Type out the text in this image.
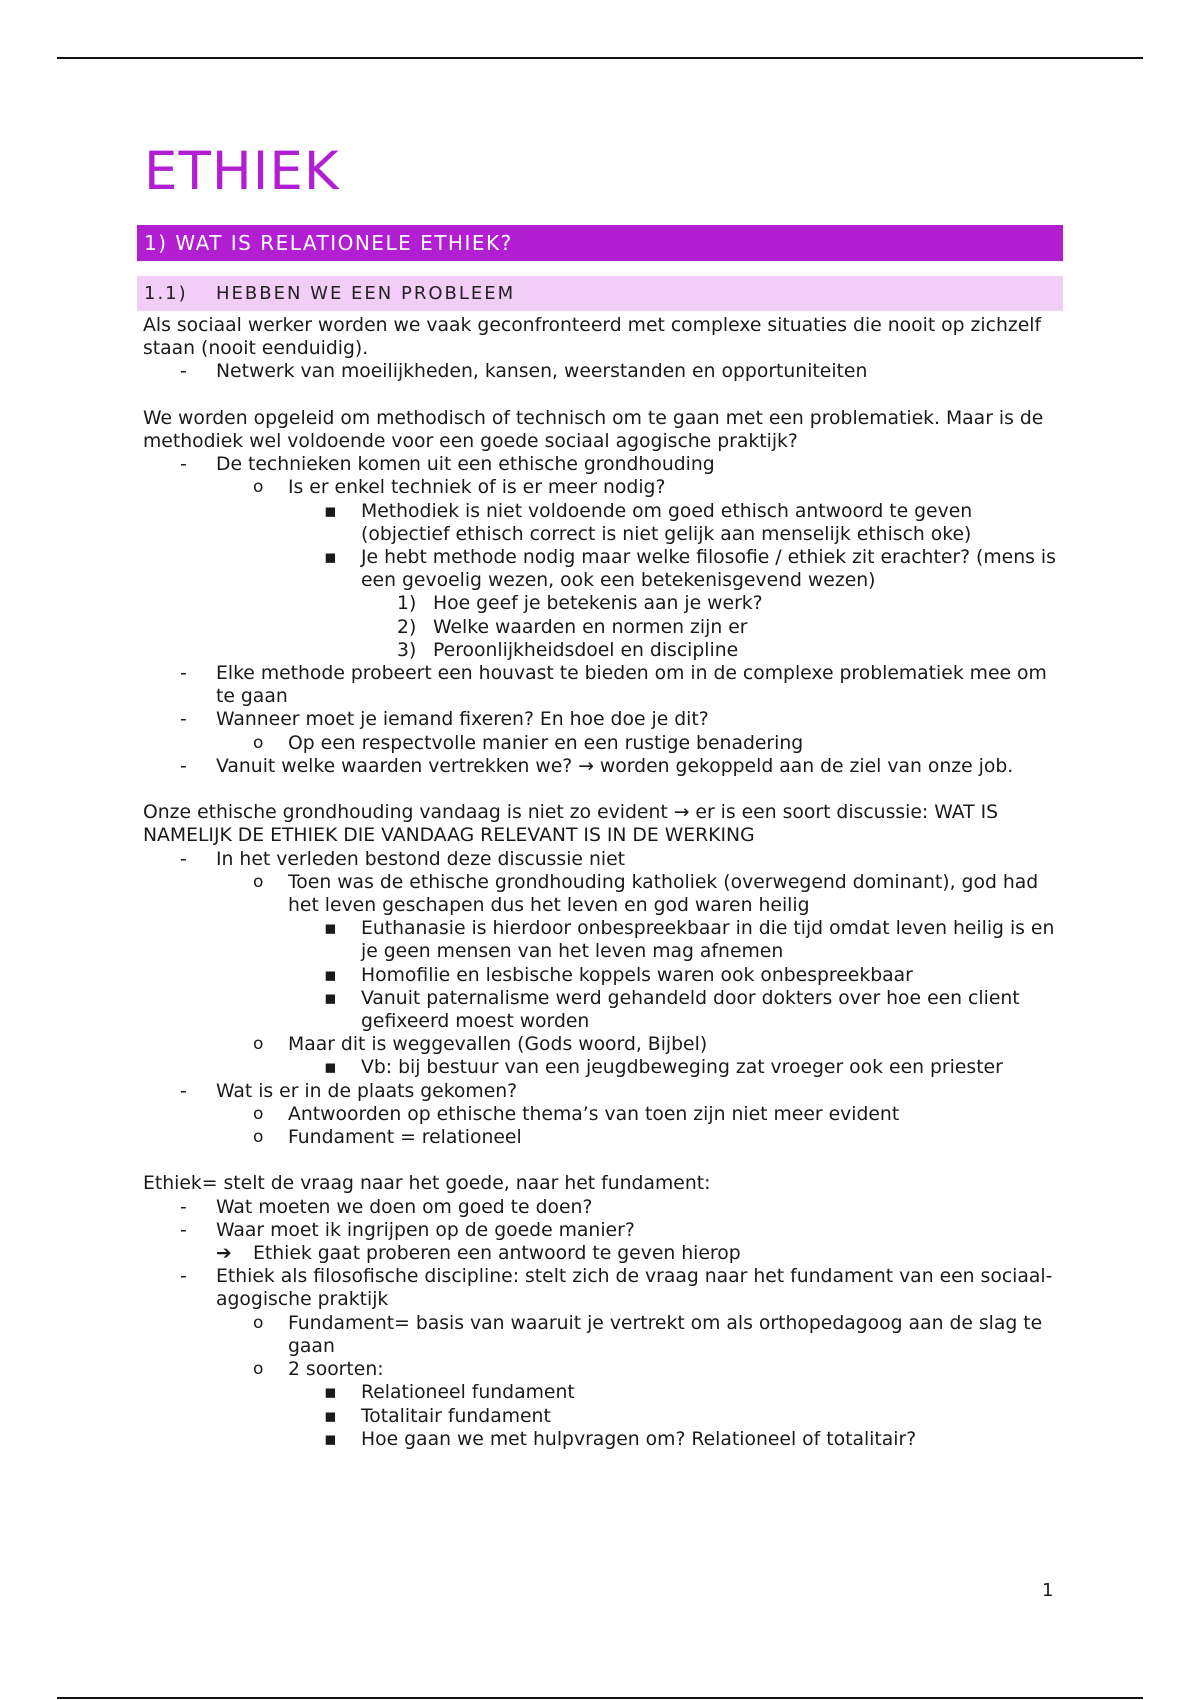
ETHIEK
1) WAT IS RELATIONELE ETHIEK?
1.1) HEBBEN WE EEN PROBLEEM
Als sociaal werker worden we vaak geconfronteerd met complexe situaties die nooit op zichzelf staan (nooit eenduidig).
- Netwerk van moeilijkheden, kansen, weerstanden en opportuniteiten
We worden opgeleid om methodisch of technisch om te gaan met een problematiek. Maar is de methodiek wel voldoende voor een goede sociaal agogische praktijk?
- De technieken komen uit een ethische grondhouding
o Is er enkel techniek of is er meer nodig?
▪ Methodiek is niet voldoende om goed ethisch antwoord te geven (objectief ethisch correct is niet gelijk aan menselijk ethisch oke)
▪ Je hebt methode nodig maar welke filosofie / ethiek zit erachter? (mens is een gevoelig wezen, ook een betekenisgevend wezen)
1) Hoe geef je betekenis aan je werk?
2) Welke waarden en normen zijn er
3) Peroonlijkheidsdoel en discipline
- Elke methode probeert een houvast te bieden om in de complexe problematiek mee om te gaan
- Wanneer moet je iemand fixeren? En hoe doe je dit?
o Op een respectvolle manier en een rustige benadering
- Vanuit welke waarden vertrekken we? → worden gekoppeld aan de ziel van onze job.
Onze ethische grondhouding vandaag is niet zo evident → er is een soort discussie: WAT IS NAMELIJK DE ETHIEK DIE VANDAAG RELEVANT IS IN DE WERKING
- In het verleden bestond deze discussie niet
o Toen was de ethische grondhouding katholiek (overwegend dominant), god had het leven geschapen dus het leven en god waren heilig
▪ Euthanasie is hierdoor onbespreekbaar in die tijd omdat leven heilig is en je geen mensen van het leven mag afnemen
▪ Homofilie en lesbische koppels waren ook onbespreekbaar
▪ Vanuit paternalisme werd gehandeld door dokters over hoe een client gefixeerd moest worden
o Maar dit is weggevallen (Gods woord, Bijbel)
▪ Vb: bij bestuur van een jeugdbeweging zat vroeger ook een priester
- Wat is er in de plaats gekomen?
o Antwoorden op ethische thema’s van toen zijn niet meer evident
o Fundament = relationeel
Ethiek= stelt de vraag naar het goede, naar het fundament:
- Wat moeten we doen om goed te doen?
- Waar moet ik ingrijpen op de goede manier?
➔ Ethiek gaat proberen een antwoord te geven hierop
- Ethiek als filosofische discipline: stelt zich de vraag naar het fundament van een sociaal-agogische praktijk
o Fundament= basis van waaruit je vertrekt om als orthopedagoog aan de slag te gaan
o 2 soorten:
▪ Relationeel fundament
▪ Totalitair fundament
▪ Hoe gaan we met hulpvragen om? Relationeel of totalitair?
1
